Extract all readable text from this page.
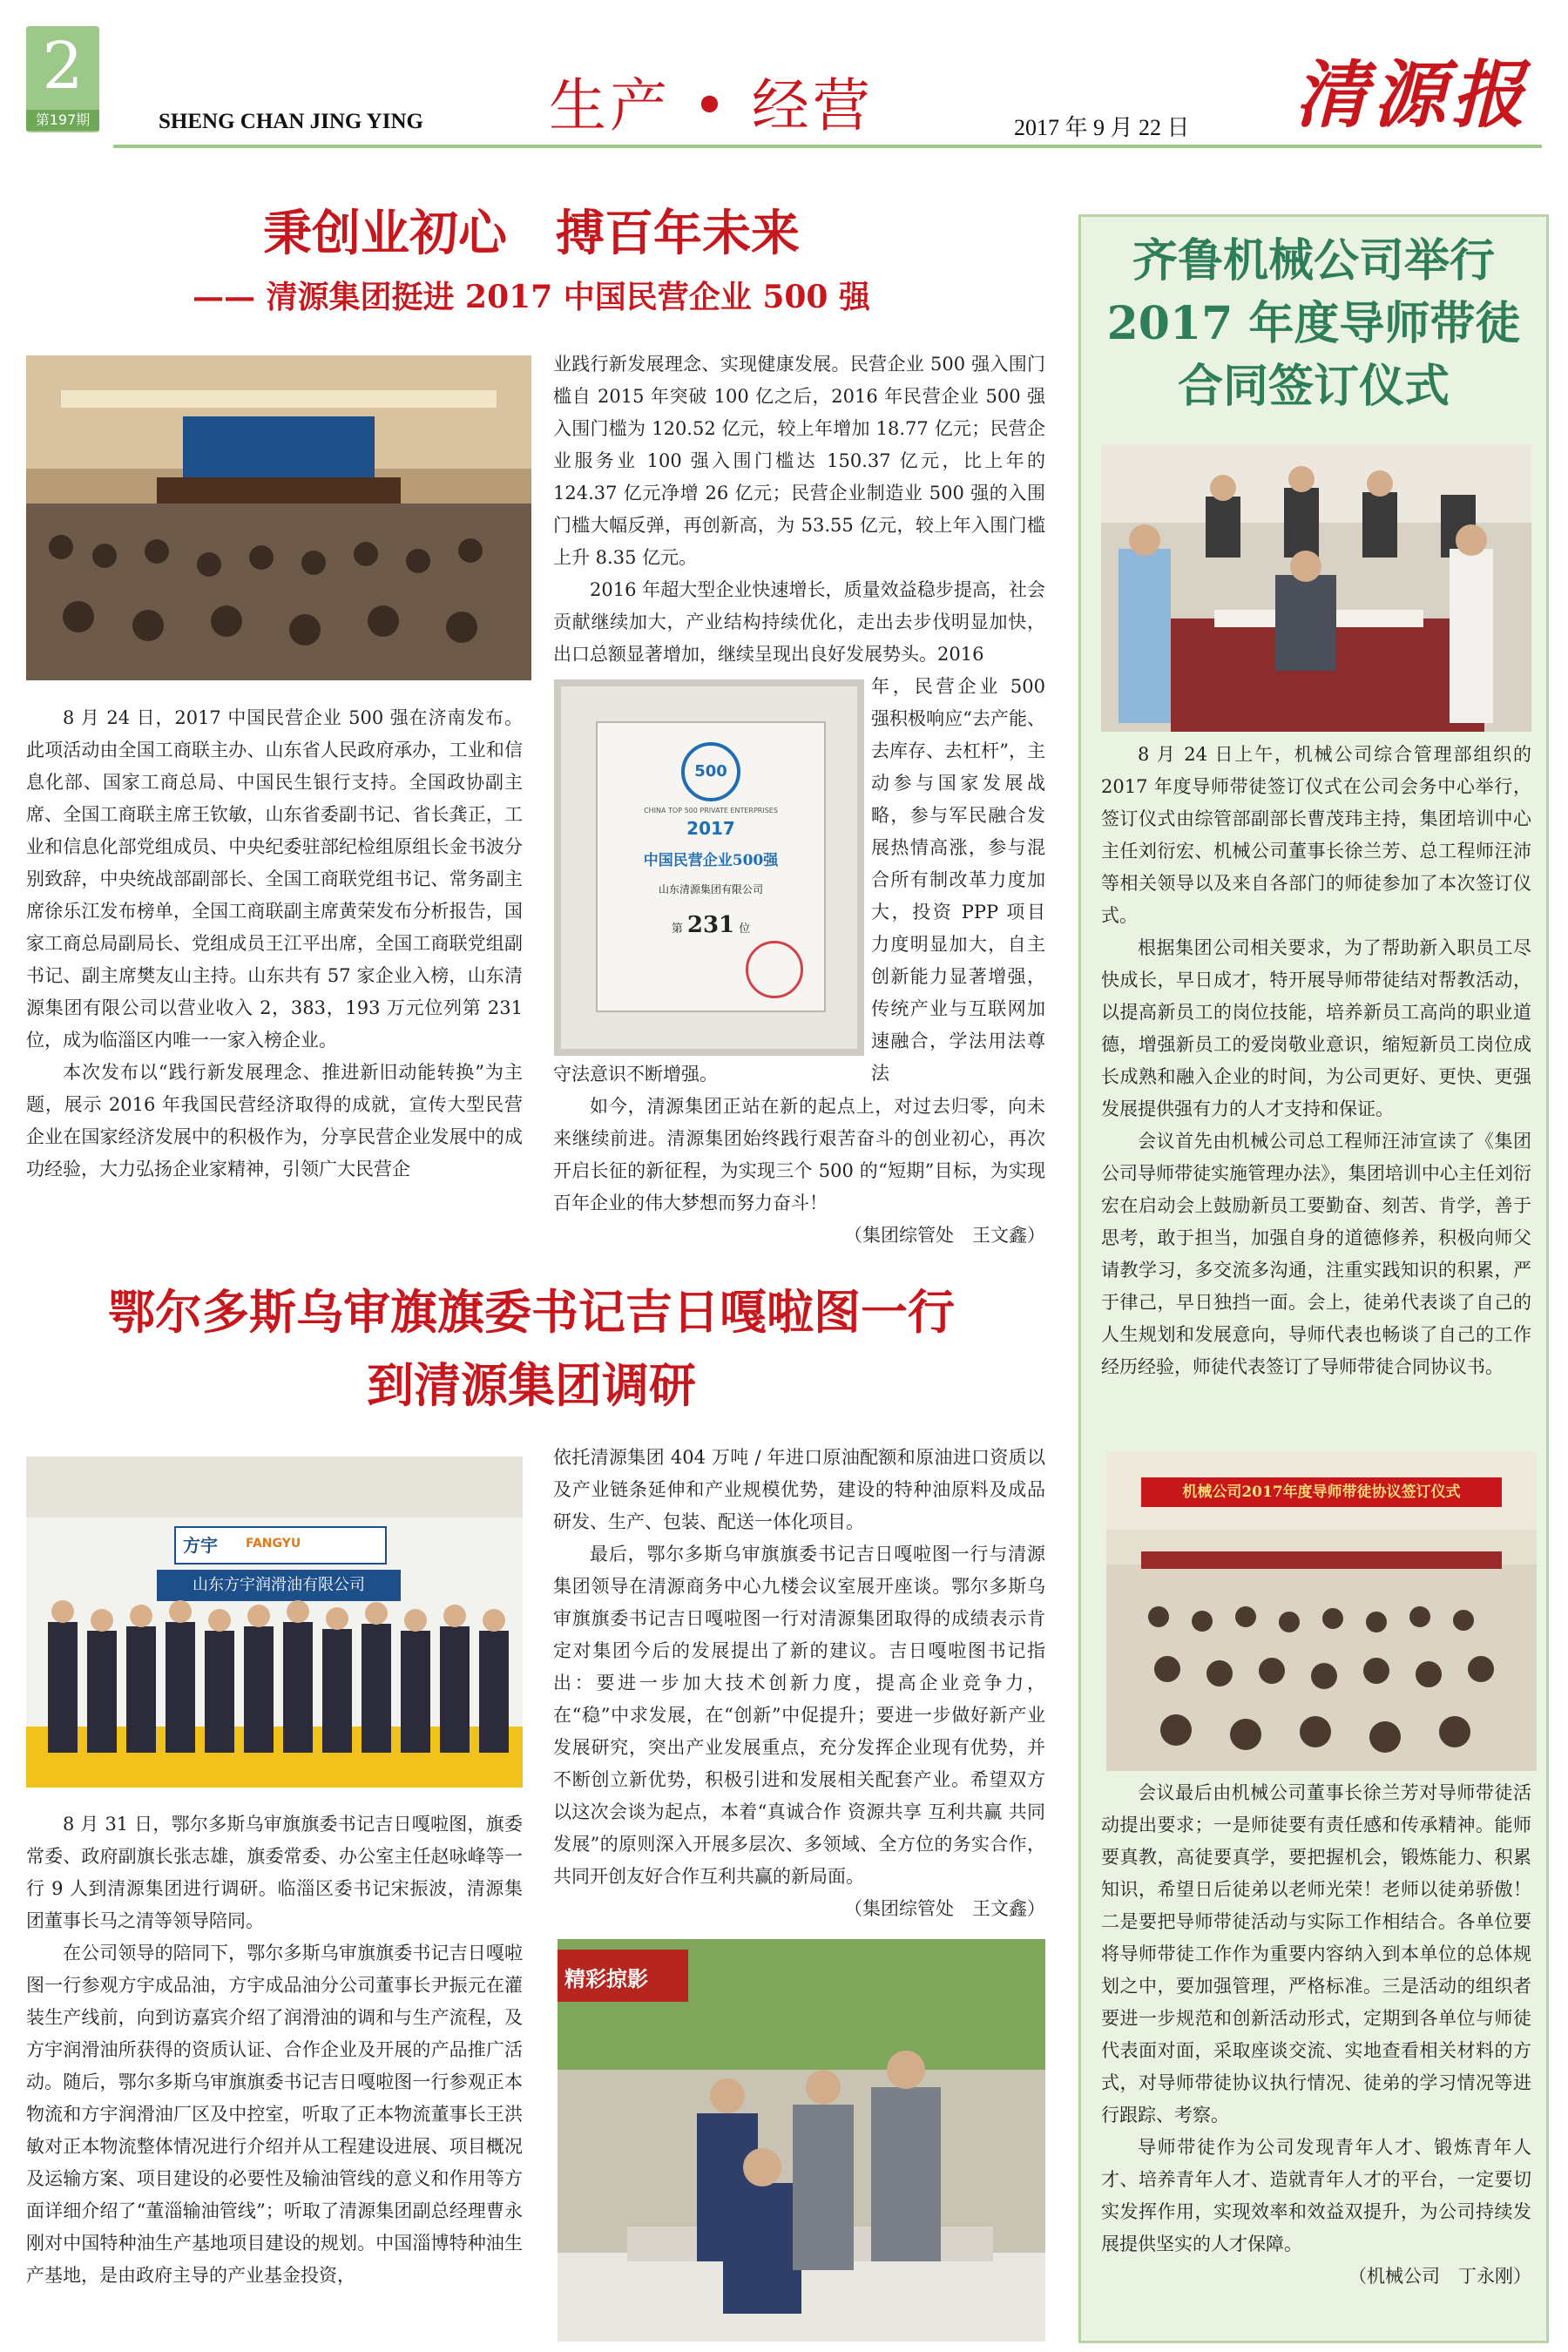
2
第197期	SHENG CHAN JING YING 生产 • 经营	2017 年 9 月 22 日 清源报
秉创业初心　搏百年未来
—— 清源集团挺进 2017 中国民营企业 500 强

8 月 24 日，2017 中国民营企业 500 强在济南发布。此项活动由全国工商联主办、山东省人民政府承办，工业和信息化部、国家工商总局、中国民生银行支持。全国政协副主席、全国工商联主席王钦敏，山东省委副书记、省长龚正，工业和信息化部党组成员、中央纪委驻部纪检组原组长金书波分别致辞，中央统战部副部长、全国工商联党组书记、常务副主席徐乐江发布榜单，全国工商联副主席黄荣发布分析报告，国家工商总局副局长、党组成员王江平出席，全国工商联党组副书记、副主席樊友山主持。山东共有 57 家企业入榜，山东清源集团有限公司以营业收入 2，383，193 万元位列第 231 位，成为临淄区内唯一一家入榜企业。

本次发布以“践行新发展理念、推进新旧动能转换”为主题，展示 2016 年我国民营经济取得的成就，宣传大型民营企业在国家经济发展中的积极作为，分享民营企业发展中的成功经验，大力弘扬企业家精神，引领广大民营企

业践行新发展理念、实现健康发展。民营企业 500 强入围门槛自 2015 年突破 100 亿之后，2016 年民营企业 500 强入围门槛为 120.52 亿元，较上年增加 18.77 亿元；民营企业服务业 100 强入围门槛达 150.37 亿元，比上年的 124.37 亿元净增 26 亿元；民营企业制造业 500 强的入围门槛大幅反弹，再创新高，为 53.55 亿元，较上年入围门槛上升 8.35 亿元。

2016 年超大型企业快速增长，质量效益稳步提高，社会贡献继续加大，产业结构持续优化，走出去步伐明显加快，出口总额显著增加，继续呈现出良好发展势头。2016

500
CHINA TOP 500 PRIVATE ENTERPRISES
2017
中国民营企业500强
山东清源集团有限公司
第 231 位

年，民营企业 500 强积极响应“去产能、去库存、去杠杆”，主动参与国家发展战略，参与军民融合发展热情高涨，参与混合所有制改革力度加大，投资 PPP 项目力度明显加大，自主创新能力显著增强，传统产业与互联网加速融合，学法用法尊法

守法意识不断增强。

如今，清源集团正站在新的起点上，对过去归零，向未来继续前进。清源集团始终践行艰苦奋斗的创业初心，再次开启长征的新征程，为实现三个 500 的“短期”目标，为实现百年企业的伟大梦想而努力奋斗！

（集团综管处　王文鑫）

鄂尔多斯乌审旗旗委书记吉日嘎啦图一行
到清源集团调研
方宇 FANGYU
山东方宇润滑油有限公司

8 月 31 日，鄂尔多斯乌审旗旗委书记吉日嘎啦图，旗委常委、政府副旗长张志雄，旗委常委、办公室主任赵咏峰等一行 9 人到清源集团进行调研。临淄区委书记宋振波，清源集团董事长马之清等领导陪同。

在公司领导的陪同下，鄂尔多斯乌审旗旗委书记吉日嘎啦图一行参观方宇成品油，方宇成品油分公司董事长尹振元在灌装生产线前，向到访嘉宾介绍了润滑油的调和与生产流程，及方宇润滑油所获得的资质认证、合作企业及开展的产品推广活动。随后，鄂尔多斯乌审旗旗委书记吉日嘎啦图一行参观正本物流和方宇润滑油厂区及中控室，听取了正本物流董事长王洪敏对正本物流整体情况进行介绍并从工程建设进展、项目概况及运输方案、项目建设的必要性及输油管线的意义和作用等方面详细介绍了“董淄输油管线”；听取了清源集团副总经理曹永刚对中国特种油生产基地项目建设的规划。中国淄博特种油生产基地，是由政府主导的产业基金投资，

依托清源集团 404 万吨 / 年进口原油配额和原油进口资质以及产业链条延伸和产业规模优势，建设的特种油原料及成品研发、生产、包装、配送一体化项目。

最后，鄂尔多斯乌审旗旗委书记吉日嘎啦图一行与清源集团领导在清源商务中心九楼会议室展开座谈。鄂尔多斯乌审旗旗委书记吉日嘎啦图一行对清源集团取得的成绩表示肯定对集团今后的发展提出了新的建议。吉日嘎啦图书记指出：要进一步加大技术创新力度，提高企业竞争力，在“稳”中求发展，在“创新”中促提升；要进一步做好新产业发展研究，突出产业发展重点，充分发挥企业现有优势，并不断创立新优势，积极引进和发展相关配套产业。希望双方以这次会谈为起点，本着“真诚合作 资源共享 互利共赢 共同发展”的原则深入开展多层次、多领域、全方位的务实合作，共同开创友好合作互利共赢的新局面。

（集团综管处　王文鑫）

精彩掠影
齐鲁机械公司举行
2017 年度导师带徒
合同签订仪式

8 月 24 日上午，机械公司综合管理部组织的 2017 年度导师带徒签订仪式在公司会务中心举行，签订仪式由综管部副部长曹茂玮主持，集团培训中心主任刘衍宏、机械公司董事长徐兰芳、总工程师汪沛等相关领导以及来自各部门的师徒参加了本次签订仪式。

根据集团公司相关要求，为了帮助新入职员工尽快成长，早日成才，特开展导师带徒结对帮教活动，以提高新员工的岗位技能，培养新员工高尚的职业道德，增强新员工的爱岗敬业意识，缩短新员工岗位成长成熟和融入企业的时间，为公司更好、更快、更强发展提供强有力的人才支持和保证。

会议首先由机械公司总工程师汪沛宣读了《集团公司导师带徒实施管理办法》，集团培训中心主任刘衍宏在启动会上鼓励新员工要勤奋、刻苦、肯学，善于思考，敢于担当，加强自身的道德修养，积极向师父请教学习，多交流多沟通，注重实践知识的积累，严于律己，早日独挡一面。会上，徒弟代表谈了自己的人生规划和发展意向，导师代表也畅谈了自己的工作经历经验，师徒代表签订了导师带徒合同协议书。

机械公司2017年度导师带徒协议签订仪式

会议最后由机械公司董事长徐兰芳对导师带徒活动提出要求；一是师徒要有责任感和传承精神。能师要真教，高徒要真学，要把握机会，锻炼能力、积累知识，希望日后徒弟以老师光荣！老师以徒弟骄傲！二是要把导师带徒活动与实际工作相结合。各单位要将导师带徒工作作为重要内容纳入到本单位的总体规划之中，要加强管理，严格标准。三是活动的组织者要进一步规范和创新活动形式，定期到各单位与师徒代表面对面，采取座谈交流、实地查看相关材料的方式，对导师带徒协议执行情况、徒弟的学习情况等进行跟踪、考察。

导师带徒作为公司发现青年人才、锻炼青年人才、培养青年人才、造就青年人才的平台，一定要切实发挥作用，实现效率和效益双提升，为公司持续发展提供坚实的人才保障。

（机械公司　丁永刚）
